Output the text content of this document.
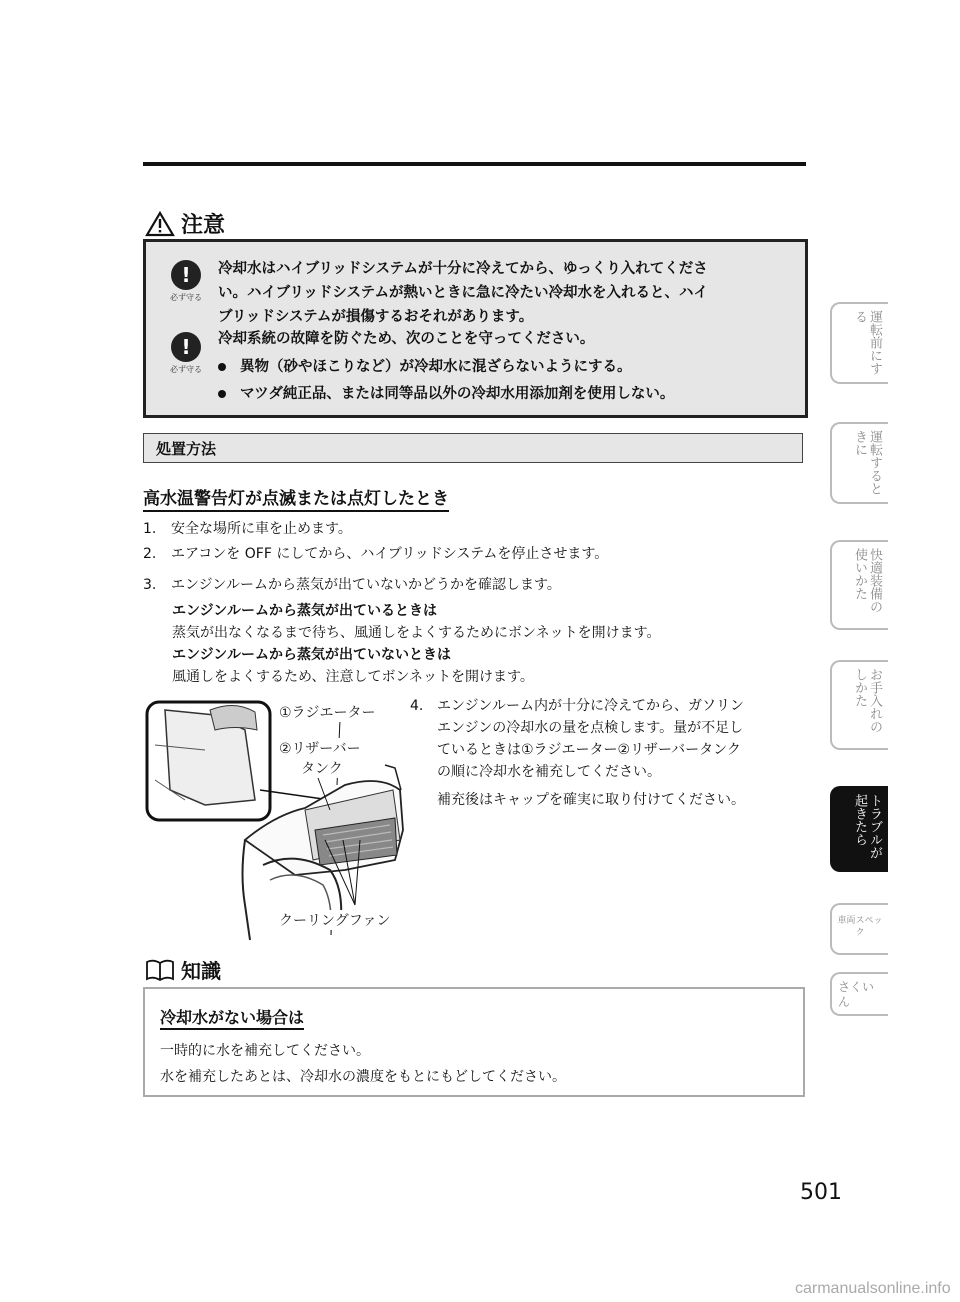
注意
!
必ず守る
冷却水はハイブリッドシステムが十分に冷えてから、ゆっくり入れてくださ
い。ハイブリッドシステムが熱いときに急に冷たい冷却水を入れると、ハイ
ブリッドシステムが損傷するおそれがあります。
!
必ず守る
冷却系統の故障を防ぐため、次のことを守ってください。
異物（砂やほこりなど）が冷却水に混ざらないようにする。
マツダ純正品、または同等品以外の冷却水用添加剤を使用しない。
処置方法
高水温警告灯が点滅または点灯したとき
1. 安全な場所に車を止めます。
2. エアコンを OFF にしてから、ハイブリッドシステムを停止させます。
3. エンジンルームから蒸気が出ていないかどうかを確認します。
エンジンルームから蒸気が出ているときは
蒸気が出なくなるまで待ち、風通しをよくするためにボンネットを開けます。
エンジンルームから蒸気が出ていないときは
風通しをよくするため、注意してボンネットを開けます。
4. エンジンルーム内が十分に冷えてから、ガソリン
エンジンの冷却水の量を点検します。量が不足し
ているときは①ラジエーター②リザーバータンク
の順に冷却水を補充してください。
補充後はキャップを確実に取り付けてください。
①ラジエーター
②リザーバー
タンク
クーリングファン
知識
冷却水がない場合は
一時的に水を補充してください。
水を補充したあとは、冷却水の濃度をもとにもどしてください。
運転前にする
運転するときに
快適装備の使いかた
お手入れのしかた
トラブルが起きたら
車両スペック
さくいん
501
carmanualsonline.info
